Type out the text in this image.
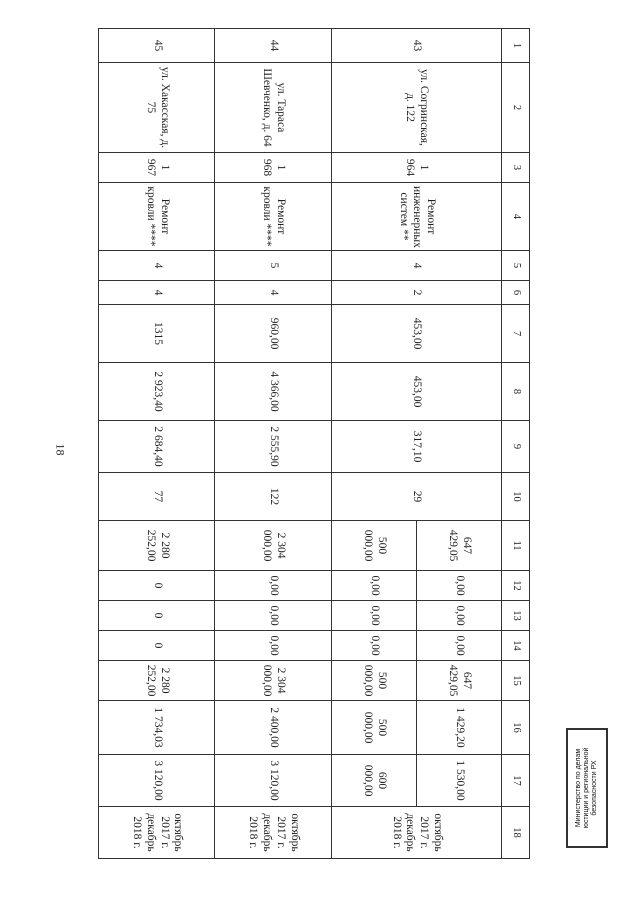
18
1	2	3	4	5	6	7	8	9	10	11	12	13	14	15	16	17	18
43	ул. Согринская, д. 122	1 964	Ремонт инженерных систем **	4	2	453,00	453,00	317,10	29	647 429,05	0,00	0,00	0,00	647 429,05	1 429,20	1 530,00	октябрь 2017 г. декабрь 2018 г.
										500 000,00	0,00	0,00	0,00	500 000,00	500 000,00	600 000,00	
44	ул. Тараса Шевченко, д. 64	1 968	Ремонт кровли ****	5	4	960,00	4 366,00	2 555,90	122	2 304 000,00	0,00	0,00	0,00	2 304 000,00	2 400,00	3 120,00	октябрь 2017 г. декабрь 2018 г.
45	ул. Хакасская, д. 75	1 967	Ремонт кровли ****	4	4	1315	2 923,40	2 684,40	77	2 280 252,00	0	0	0	2 280 252,00	1 734,03	3 120,00	октябрь 2017 г. декабрь 2018 г.
Министерство по делам юстиции и региональной безопасности РХ
